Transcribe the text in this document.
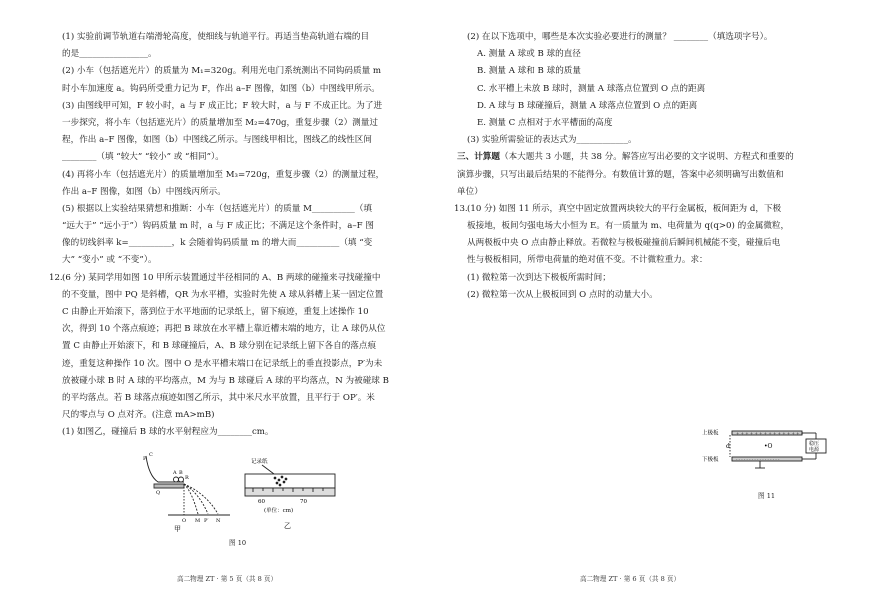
(1) 实验前调节轨道右端滑轮高度，使细线与轨道平行。再适当垫高轨道右端的目
的是________________。
(2) 小车（包括遮光片）的质量为 M₁=320g。利用光电门系统测出不同钩码质量 m
时小车加速度 a。钩码所受重力记为 F，作出 a–F 图像，如图（b）中图线甲所示。
(3) 由图线甲可知，F 较小时，a 与 F 成正比；F 较大时，a 与 F 不成正比。为了进
一步探究，将小车（包括遮光片）的质量增加至 M₂=470g，重复步骤（2）测量过
程，作出 a–F 图像，如图（b）中图线乙所示。与图线甲相比，图线乙的线性区间
________（填 “较大” “较小” 或 “相同”）。
(4) 再将小车（包括遮光片）的质量增加至 M₃=720g，重复步骤（2）的测量过程，
作出 a–F 图像，如图（b）中图线丙所示。
(5) 根据以上实验结果猜想和推断：小车（包括遮光片）的质量 M__________（填
“远大于” “远小于”）钩码质量 m 时，a 与 F 成正比；不满足这个条件时，a–F 图
像的切线斜率 k=__________，k 会随着钩码质量 m 的增大而__________（填 “变
大” “变小” 或 “不变”）。
12.(6 分) 某同学用如图 10 甲所示装置通过半径相同的 A、B 两球的碰撞来寻找碰撞中
的不变量，图中 PQ 是斜槽，QR 为水平槽，实验时先使 A 球从斜槽上某一固定位置
C 由静止开始滚下，落到位于水平地面的记录纸上，留下痕迹，重复上述操作 10
次，得到 10 个落点痕迹；再把 B 球放在水平槽上靠近槽末端的地方，让 A 球仍从位
置 C 由静止开始滚下，和 B 球碰撞后，A、B 球分别在记录纸上留下各自的落点痕
迹，重复这种操作 10 次。图中 O 是水平槽末端口在记录纸上的垂直投影点，P′为未
放被碰小球 B 时 A 球的平均落点，M 为与 B 球碰后 A 球的平均落点，N 为被碰球 B
的平均落点。若 B 球落点痕迹如图乙所示，其中米尺水平放置，且平行于 OP′。米
尺的零点与 O 点对齐。(注意 mA>mB)
(1) 如图乙，碰撞后 B 球的水平射程应为________cm。
P
C
A B
R
Q
O M P′ N
甲
记录纸
60	70
(单位：cm)
乙
图 10
高二物理 ZT · 第 5 页（共 8 页）
(2) 在以下选项中，哪些是本次实验必要进行的测量？ ________（填选项字号）。
A. 测量 A 球或 B 球的直径
B. 测量 A 球和 B 球的质量
C. 水平槽上未放 B 球时，测量 A 球落点位置到 O 点的距离
D. A 球与 B 球碰撞后，测量 A 球落点位置到 O 点的距离
E. 测量 C 点相对于水平槽面的高度
(3) 实验所需验证的表达式为____________。
三、计算题（本大题共 3 小题，共 38 分。解答应写出必要的文字说明、方程式和重要的
演算步骤，只写出最后结果的不能得分。有数值计算的题，答案中必须明确写出数值和
单位）
13.(10 分) 如图 11 所示，真空中固定放置两块较大的平行金属板，板间距为 d，下极
板接地，板间匀强电场大小恒为 E。有一质量为 m、电荷量为 q(q>0) 的金属微粒，
从两极板中央 O 点由静止释放。若微粒与极板碰撞前后瞬间机械能不变，碰撞后电
性与极板相同，所带电荷量的绝对值不变。不计微粒重力。求：
(1) 微粒第一次到达下极板所需时间；
(2) 微粒第一次从上极板回到 O 点时的动量大小。
+ + + + + + + + + + + + + + +
- - - - - - - - - - - - - - - - -
上极板
下极板
d	•O	稳压
电源
图 11
高二物理 ZT · 第 6 页（共 8 页）
